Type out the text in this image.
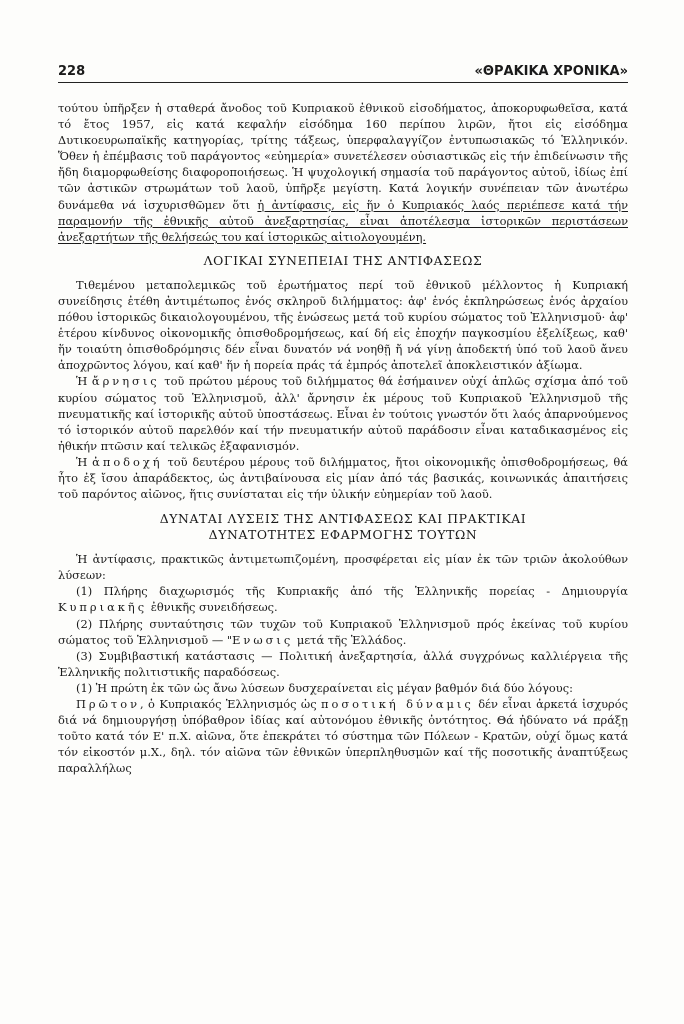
228	«ΘΡΑΚΙΚΑ ΧΡΟΝΙΚΑ»

τούτου ὑπῆρξεν ἡ σταθερά ἄνοδος τοῦ Κυπριακοῦ ἐθνικοῦ εἰσοδήματος, ἀποκορυφωθεῖσα, κατά τό ἔτος 1957, εἰς κατά κεφαλήν εἰσόδημα 160 περίπου λιρῶν, ἤτοι εἰς εἰσόδημα Δυτικοευρωπαϊκῆς κατηγορίας, τρίτης τάξεως, ὑπερφαλαγγίζον ἐντυπωσιακῶς τό Ἑλληνικόν. Ὅθεν ἡ ἐπέμβασις τοῦ παράγοντος «εὐημερία» συνετέλεσεν οὐσιαστικῶς εἰς τήν ἐπιδείνωσιν τῆς ἤδη διαμορφωθείσης διαφοροποιήσεως. Ἡ ψυχολογική σημασία τοῦ παράγοντος αὐτοῦ, ἰδίως ἐπί τῶν ἀστικῶν στρωμάτων τοῦ λαοῦ, ὑπῆρξε μεγίστη. Κατά λογικήν συνέπειαν τῶν ἀνωτέρω δυνάμεθα νά ἰσχυρισθῶμεν ὅτι ἡ ἀντίφασις, εἰς ἥν ὁ Κυπριακός λαός περιέπεσε κατά τήν παραμονήν τῆς ἐθνικῆς αὐτοῦ ἀνεξαρτησίας, εἶναι ἀποτέλεσμα ἱστορικῶν περιστάσεων ἀνεξαρτήτων τῆς θελήσεώς του καί ἱστορικῶς αἰτιολογουμένη.

ΛΟΓΙΚΑΙ ΣΥΝΕΠΕΙΑΙ ΤΗΣ ΑΝΤΙΦΑΣΕΩΣ

Τιθεμένου μεταπολεμικῶς τοῦ ἐρωτήματος περί τοῦ ἐθνικοῦ μέλλοντος ἡ Κυπριακή συνείδησις ἐτέθη ἀντιμέτωπος ἑνός σκληροῦ διλήμματος: ἀφ' ἑνός ἐκπληρώσεως ἑνός ἀρχαίου πόθου ἱστορικῶς δικαιολογουμένου, τῆς ἑνώσεως μετά τοῦ κυρίου σώματος τοῦ Ἑλληνισμοῦ· ἀφ' ἑτέρου κίνδυνος οἰκονομικῆς ὀπισθοδρομήσεως, καί δή εἰς ἐποχήν παγκοσμίου ἐξελίξεως, καθ' ἥν τοιαύτη ὀπισθοδρόμησις δέν εἶναι δυνατόν νά νοηθῇ ἤ νά γίνῃ ἀποδεκτή ὑπό τοῦ λαοῦ ἄνευ ἀποχρῶντος λόγου, καί καθ' ἥν ἡ πορεία πράς τά ἐμπρός ἀποτελεῖ ἀποκλειστικόν ἀξίωμα.

Ἡ ἄρνησις τοῦ πρώτου μέρους τοῦ διλήμματος θά ἐσήμαινεν οὐχί ἁπλῶς σχίσμα ἀπό τοῦ κυρίου σώματος τοῦ Ἑλληνισμοῦ, ἀλλ' ἄρνησιν ἐκ μέρους τοῦ Κυπριακοῦ Ἑλληνισμοῦ τῆς πνευματικῆς καί ἱστορικῆς αὐτοῦ ὑποστάσεως. Εἶναι ἐν τούτοις γνωστόν ὅτι λαός ἀπαρνούμενος τό ἱστορικόν αὐτοῦ παρελθόν καί τήν πνευματικήν αὐτοῦ παράδοσιν εἶναι καταδικασμένος εἰς ἠθικήν πτῶσιν καί τελικῶς ἐξαφανισμόν.

Ἡ ἀποδοχή τοῦ δευτέρου μέρους τοῦ διλήμματος, ἤτοι οἰκονομικῆς ὀπισθοδρομήσεως, θά ἦτο ἐξ ἴσου ἀπαράδεκτος, ὡς ἀντιβαίνουσα εἰς μίαν ἀπό τάς βασικάς, κοινωνικάς ἀπαιτήσεις τοῦ παρόντος αἰῶνος, ἥτις συνίσταται εἰς τήν ὑλικήν εὐημερίαν τοῦ λαοῦ.

ΔΥΝΑΤΑΙ ΛΥΣΕΙΣ ΤΗΣ ΑΝΤΙΦΑΣΕΩΣ ΚΑΙ ΠΡΑΚΤΙΚΑΙ
ΔΥΝΑΤΟΤΗΤΕΣ ΕΦΑΡΜΟΓΗΣ ΤΟΥΤΩΝ

Ἡ ἀντίφασις, πρακτικῶς ἀντιμετωπιζομένη, προσφέρεται εἰς μίαν ἐκ τῶν τριῶν ἀκολούθων λύσεων:

(1) Πλήρης διαχωρισμός τῆς Κυπριακῆς ἀπό τῆς Ἑλληνικῆς πορείας - Δημιουργία Κυπριακῆς ἐθνικῆς συνειδήσεως.

(2) Πλήρης συνταύτησις τῶν τυχῶν τοῦ Κυπριακοῦ Ἑλληνισμοῦ πρός ἐκείνας τοῦ κυρίου σώματος τοῦ Ἑλληνισμοῦ — "Ενωσις μετά τῆς Ἑλλάδος.

(3) Συμβιβαστική κατάστασις — Πολιτική ἀνεξαρτησία, ἀλλά συγχρόνως καλλιέργεια τῆς Ἑλληνικῆς πολιτιστικῆς παραδόσεως.

(1) Ἡ πρώτη ἐκ τῶν ὡς ἄνω λύσεων δυσχεραίνεται εἰς μέγαν βαθμόν διά δύο λόγους:

Πρῶτον, ὁ Κυπριακός Ἑλληνισμός ὡς ποσοτική δύναμις δέν εἶναι ἀρκετά ἰσχυρός διά νά δημιουργήσῃ ὑπόβαθρον ἰδίας καί αὐτονόμου ἐθνικῆς ὀντότητος. Θά ἠδύνατο νά πράξῃ τοῦτο κατά τόν Ε' π.Χ. αἰῶνα, ὅτε ἐπεκράτει τό σύστημα τῶν Πόλεων - Κρατῶν, οὐχί ὅμως κατά τόν εἰκοστόν μ.Χ., δηλ. τόν αἰῶνα τῶν ἐθνικῶν ὑπερπληθυσμῶν καί τῆς ποσοτικῆς ἀναπτύξεως παραλλήλως
